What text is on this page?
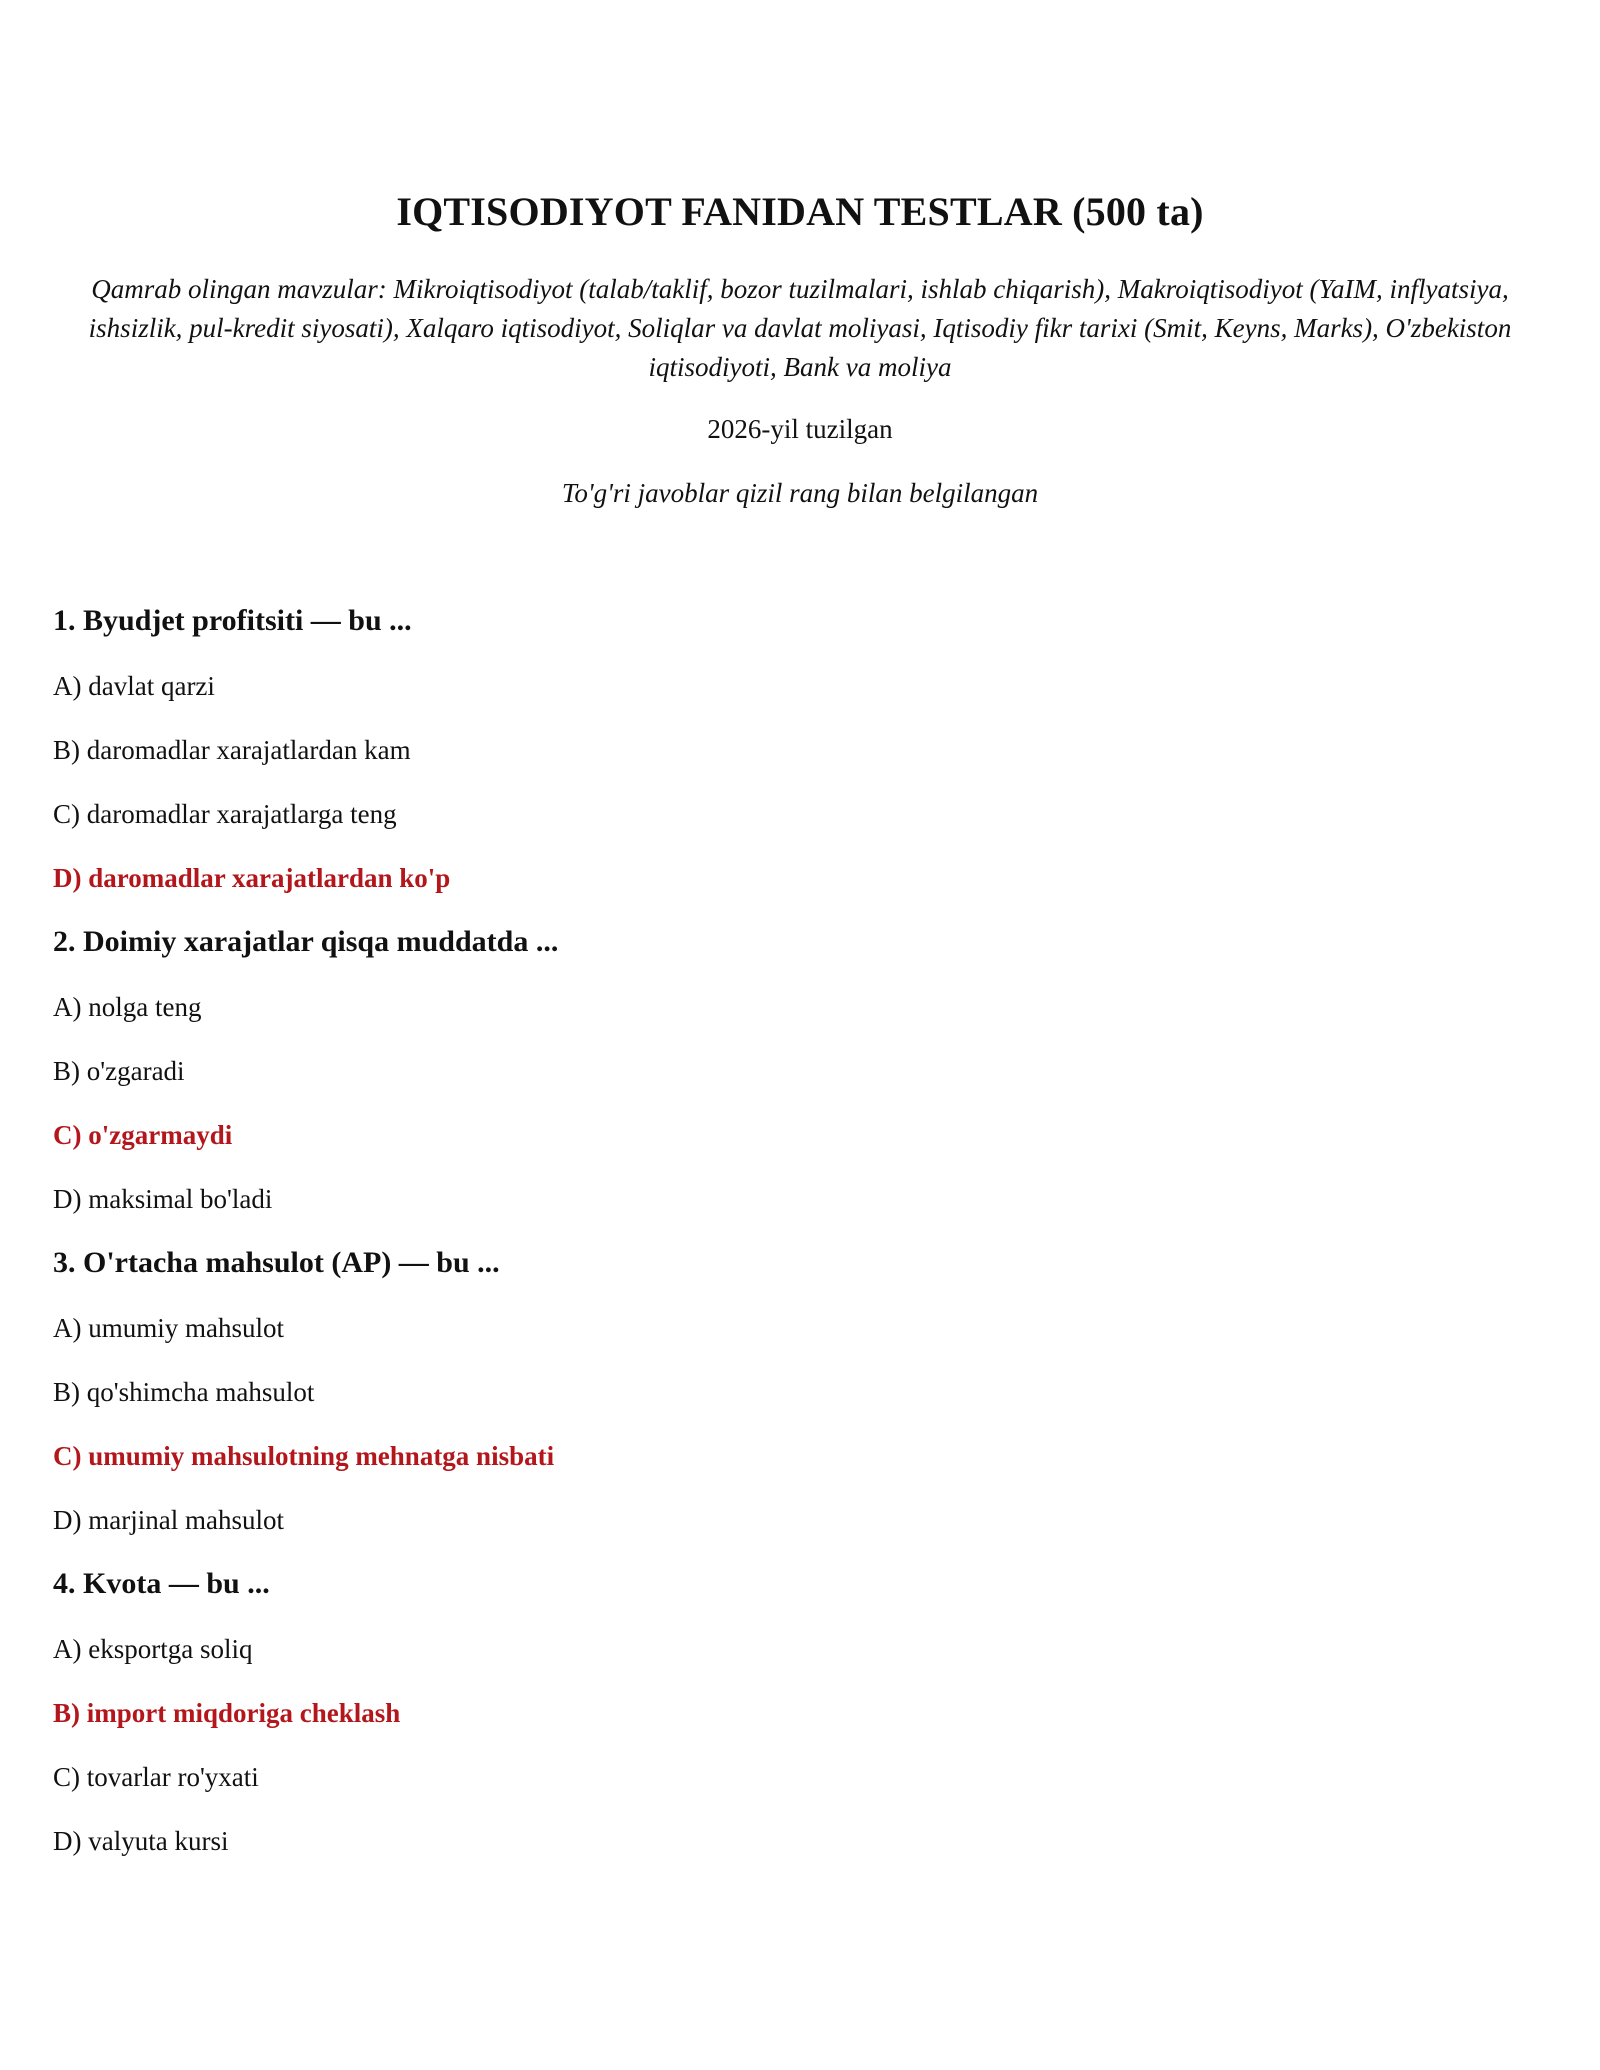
IQTISODIYOT FANIDAN TESTLAR (500 ta)
Qamrab olingan mavzular: Mikroiqtisodiyot (talab/taklif, bozor tuzilmalari, ishlab chiqarish), Makroiqtisodiyot (YaIM, inflyatsiya, ishsizlik, pul-kredit siyosati), Xalqaro iqtisodiyot, Soliqlar va davlat moliyasi, Iqtisodiy fikr tarixi (Smit, Keyns, Marks), O'zbekiston iqtisodiyoti, Bank va moliya
2026-yil tuzilgan
To'g'ri javoblar qizil rang bilan belgilangan
1. Byudjet profitsiti — bu ...
A) davlat qarzi
B) daromadlar xarajatlardan kam
C) daromadlar xarajatlarga teng
D) daromadlar xarajatlardan ko'p
2. Doimiy xarajatlar qisqa muddatda ...
A) nolga teng
B) o'zgaradi
C) o'zgarmaydi
D) maksimal bo'ladi
3. O'rtacha mahsulot (AP) — bu ...
A) umumiy mahsulot
B) qo'shimcha mahsulot
C) umumiy mahsulotning mehnatga nisbati
D) marjinal mahsulot
4. Kvota — bu ...
A) eksportga soliq
B) import miqdoriga cheklash
C) tovarlar ro'yxati
D) valyuta kursi
